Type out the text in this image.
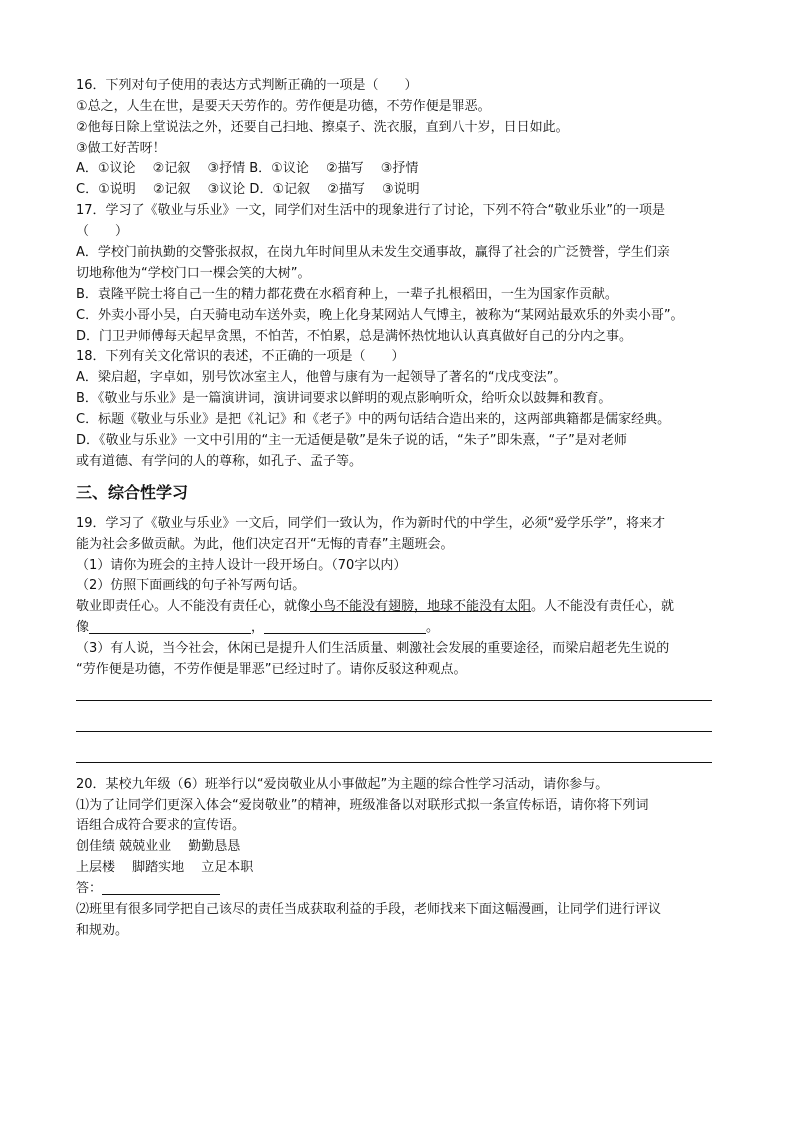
16．下列对句子使用的表达方式判断正确的一项是（　　）
①总之，人生在世，是要天天劳作的。劳作便是功德，不劳作便是罪恶。
②他每日除上堂说法之外，还要自己扫地、擦桌子、洗衣服，直到八十岁，日日如此。
③做工好苦呀！
A．①议论　 ②记叙　 ③抒情 B．①议论　 ②描写　 ③抒情
C．①说明　 ②记叙　 ③议论 D．①记叙　 ②描写　 ③说明
17．学习了《敬业与乐业》一文，同学们对生活中的现象进行了讨论，下列不符合“敬业乐业”的一项是
（　　）
A．学校门前执勤的交警张叔叔，在岗九年时间里从未发生交通事故，赢得了社会的广泛赞誉，学生们亲
切地称他为“学校门口一棵会笑的大树”。
B．袁隆平院士将自己一生的精力都花费在水稻育种上，一辈子扎根稻田，一生为国家作贡献。
C．外卖小哥小吴，白天骑电动车送外卖，晚上化身某网站人气博主，被称为“某网站最欢乐的外卖小哥”。
D．门卫尹师傅每天起早贪黑，不怕苦，不怕累，总是满怀热忱地认认真真做好自己的分内之事。
18．下列有关文化常识的表述，不正确的一项是（　　）
A．梁启超，字卓如，别号饮冰室主人，他曾与康有为一起领导了著名的“戊戌变法”。
B．《敬业与乐业》是一篇演讲词，演讲词要求以鲜明的观点影响听众，给听众以鼓舞和教育。
C．标题《敬业与乐业》是把《礼记》和《老子》中的两句话结合造出来的，这两部典籍都是儒家经典。
D．《敬业与乐业》一文中引用的“主一无适便是敬”是朱子说的话，“朱子”即朱熹，“子”是对老师
或有道德、有学问的人的尊称，如孔子、孟子等。
三、综合性学习
19．学习了《敬业与乐业》一文后，同学们一致认为，作为新时代的中学生，必须“爱学乐学”，将来才
能为社会多做贡献。为此，他们决定召开“无悔的青春”主题班会。
（1）请你为班会的主持人设计一段开场白。（70字以内）
（2）仿照下面画线的句子补写两句话。
敬业即责任心。人不能没有责任心，就像小鸟不能没有翅膀，地球不能没有太阳。人不能没有责任心，就
像	，	。
（3）有人说，当今社会，休闲已是提升人们生活质量、刺激社会发展的重要途径，而梁启超老先生说的
“劳作便是功德，不劳作便是罪恶”已经过时了。请你反驳这种观点。
20．某校九年级（6）班举行以“爱岗敬业从小事做起”为主题的综合性学习活动，请你参与。
⑴为了让同学们更深入体会“爱岗敬业”的精神，班级准备以对联形式拟一条宣传标语，请你将下列词
语组合成符合要求的宣传语。
创佳绩 兢兢业业　 勤勤恳恳
上层楼　 脚踏实地　 立足本职
答：
⑵班里有很多同学把自己该尽的责任当成获取利益的手段，老师找来下面这幅漫画，让同学们进行评议
和规劝。
